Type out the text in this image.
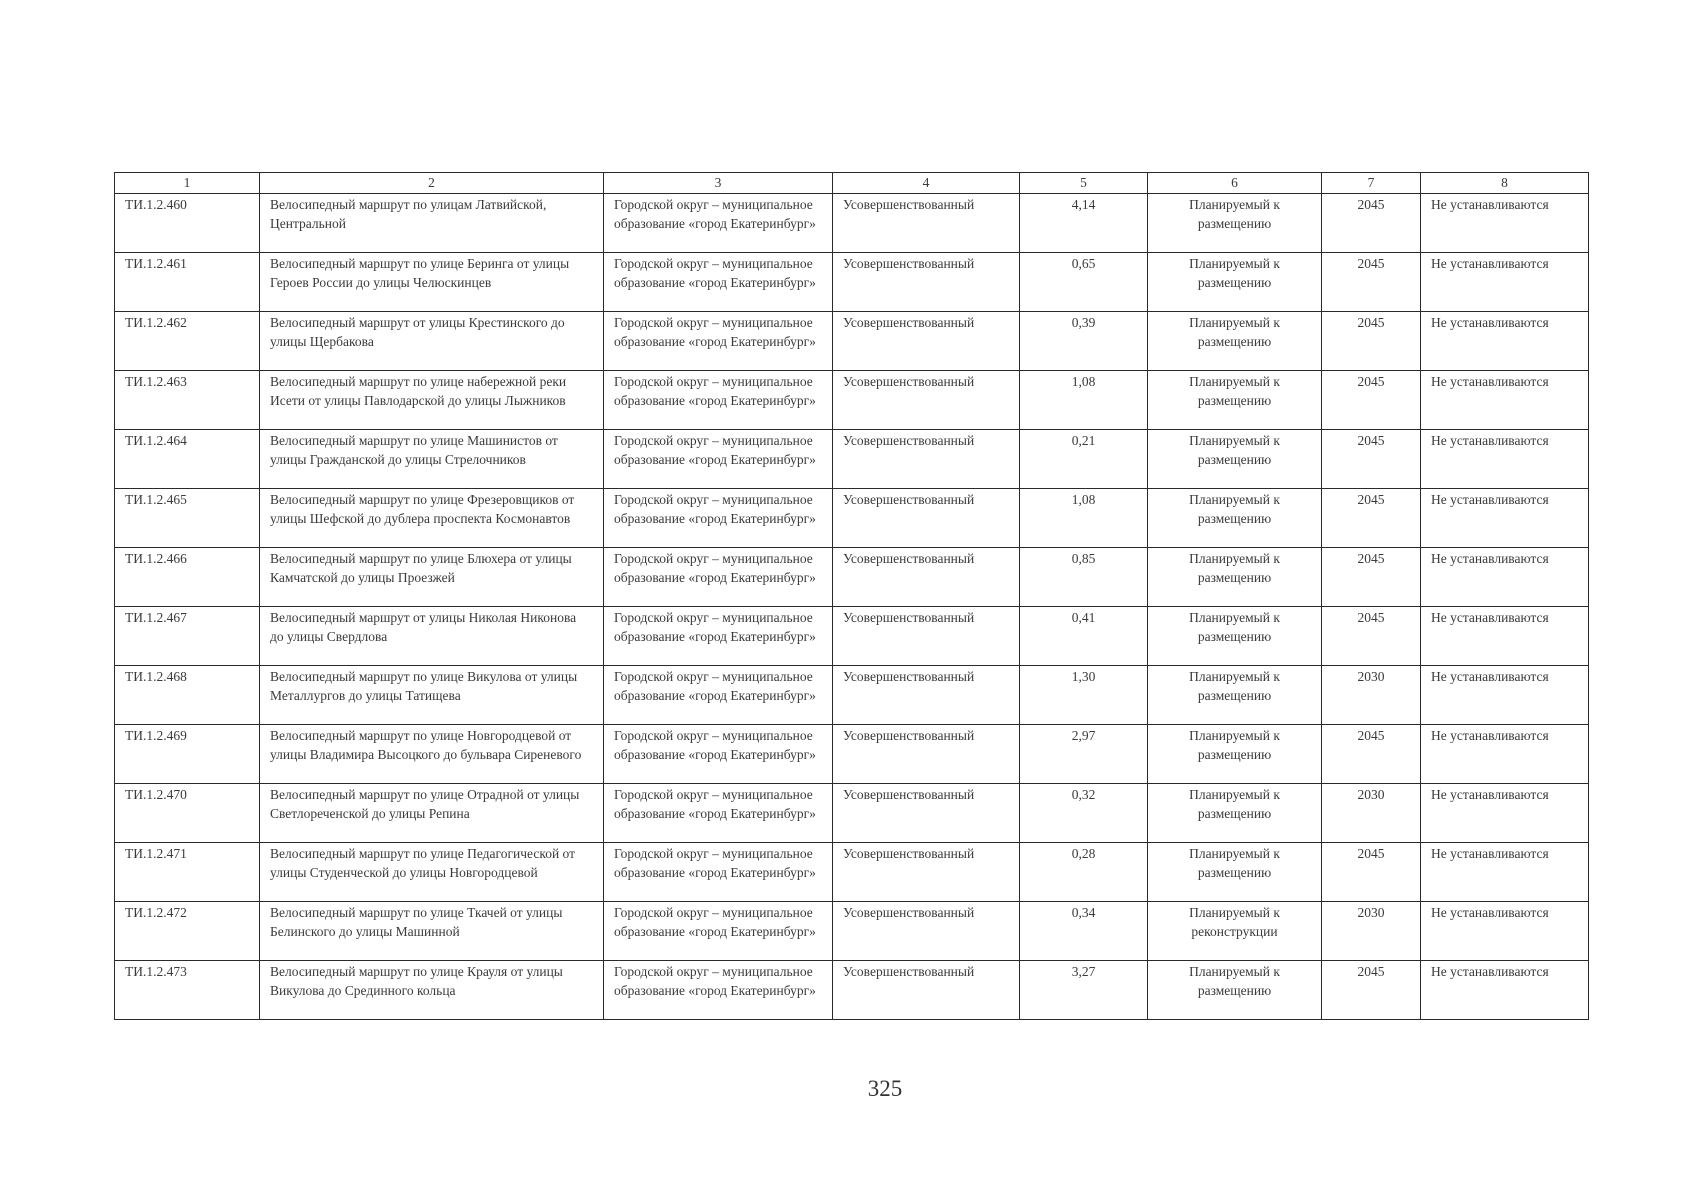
1	2	3	4	5	6	7	8
ТИ.1.2.460	Велосипедный маршрут по улицам Латвийской, Центральной	Городской округ – муниципальное образование «город Екатеринбург»	Усовершенствованный	4,14	Планируемый к размещению	2045	Не устанавливаются
ТИ.1.2.461	Велосипедный маршрут по улице Беринга от улицы Героев России до улицы Челюскинцев	Городской округ – муниципальное образование «город Екатеринбург»	Усовершенствованный	0,65	Планируемый к размещению	2045	Не устанавливаются
ТИ.1.2.462	Велосипедный маршрут от улицы Крестинского до улицы Щербакова	Городской округ – муниципальное образование «город Екатеринбург»	Усовершенствованный	0,39	Планируемый к размещению	2045	Не устанавливаются
ТИ.1.2.463	Велосипедный маршрут по улице набережной реки Исети от улицы Павлодарской до улицы Лыжников	Городской округ – муниципальное образование «город Екатеринбург»	Усовершенствованный	1,08	Планируемый к размещению	2045	Не устанавливаются
ТИ.1.2.464	Велосипедный маршрут по улице Машинистов от улицы Гражданской до улицы Стрелочников	Городской округ – муниципальное образование «город Екатеринбург»	Усовершенствованный	0,21	Планируемый к размещению	2045	Не устанавливаются
ТИ.1.2.465	Велосипедный маршрут по улице Фрезеровщиков от улицы Шефской до дублера проспекта Космонавтов	Городской округ – муниципальное образование «город Екатеринбург»	Усовершенствованный	1,08	Планируемый к размещению	2045	Не устанавливаются
ТИ.1.2.466	Велосипедный маршрут по улице Блюхера от улицы Камчатской до улицы Проезжей	Городской округ – муниципальное образование «город Екатеринбург»	Усовершенствованный	0,85	Планируемый к размещению	2045	Не устанавливаются
ТИ.1.2.467	Велосипедный маршрут от улицы Николая Никонова до улицы Свердлова	Городской округ – муниципальное образование «город Екатеринбург»	Усовершенствованный	0,41	Планируемый к размещению	2045	Не устанавливаются
ТИ.1.2.468	Велосипедный маршрут по улице Викулова от улицы Металлургов до улицы Татищева	Городской округ – муниципальное образование «город Екатеринбург»	Усовершенствованный	1,30	Планируемый к размещению	2030	Не устанавливаются
ТИ.1.2.469	Велосипедный маршрут по улице Новгородцевой от улицы Владимира Высоцкого до бульвара Сиреневого	Городской округ – муниципальное образование «город Екатеринбург»	Усовершенствованный	2,97	Планируемый к размещению	2045	Не устанавливаются
ТИ.1.2.470	Велосипедный маршрут по улице Отрадной от улицы Светлореченской до улицы Репина	Городской округ – муниципальное образование «город Екатеринбург»	Усовершенствованный	0,32	Планируемый к размещению	2030	Не устанавливаются
ТИ.1.2.471	Велосипедный маршрут по улице Педагогической от улицы Студенческой до улицы Новгородцевой	Городской округ – муниципальное образование «город Екатеринбург»	Усовершенствованный	0,28	Планируемый к размещению	2045	Не устанавливаются
ТИ.1.2.472	Велосипедный маршрут по улице Ткачей от улицы Белинского до улицы Машинной	Городской округ – муниципальное образование «город Екатеринбург»	Усовершенствованный	0,34	Планируемый к реконструкции	2030	Не устанавливаются
ТИ.1.2.473	Велосипедный маршрут по улице Крауля от улицы Викулова до Срединного кольца	Городской округ – муниципальное образование «город Екатеринбург»	Усовершенствованный	3,27	Планируемый к размещению	2045	Не устанавливаются
325
